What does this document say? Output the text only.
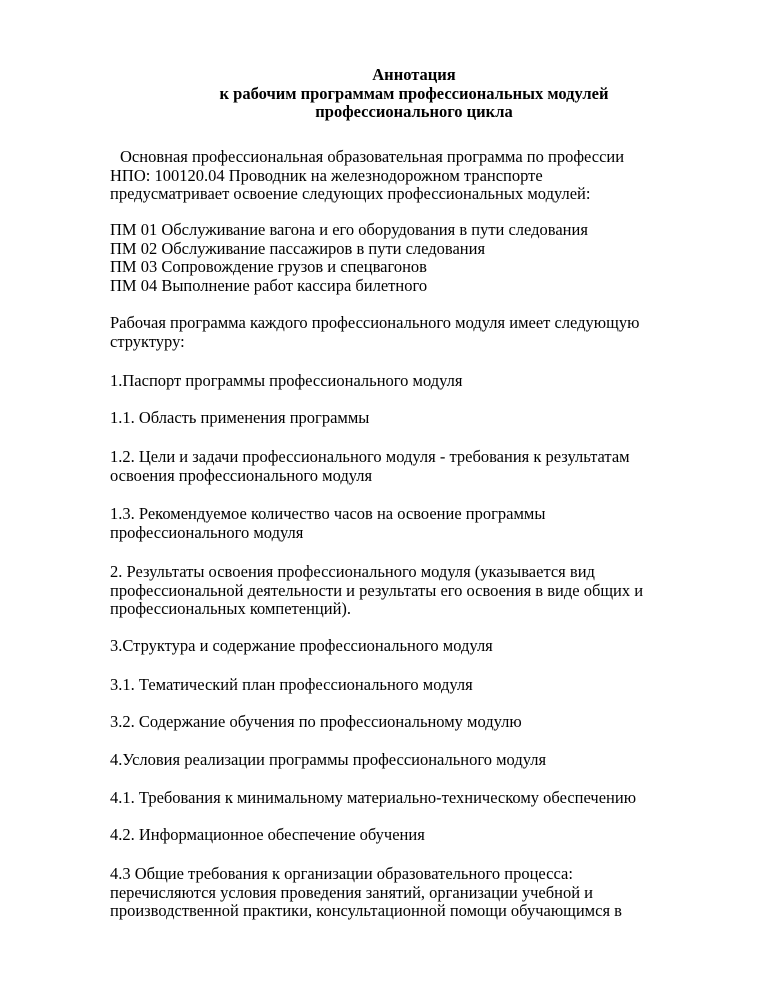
Аннотация
к рабочим программам профессиональных модулей
профессионального цикла
Основная профессиональная образовательная программа по профессии
НПО: 100120.04 Проводник на железнодорожном транспорте
предусматривает освоение следующих профессиональных модулей:
ПМ 01 Обслуживание вагона и его оборудования в пути следования
ПМ 02 Обслуживание пассажиров в пути следования
ПМ 03 Сопровождение грузов и спецвагонов
ПМ 04 Выполнение работ кассира билетного
Рабочая программа каждого профессионального модуля имеет следующую
структуру:
1.Паспорт программы профессионального модуля
1.1. Область применения программы
1.2. Цели и задачи профессионального модуля - требования к результатам
освоения профессионального модуля
1.3. Рекомендуемое количество часов на освоение программы
профессионального модуля
2. Результаты освоения профессионального модуля (указывается вид
профессиональной деятельности и результаты его освоения в виде общих и
профессиональных компетенций).
3.Структура и содержание профессионального модуля
3.1. Тематический план профессионального модуля
3.2. Содержание обучения по профессиональному модулю
4.Условия реализации программы профессионального модуля
4.1. Требования к минимальному материально-техническому обеспечению
4.2. Информационное обеспечение обучения
4.3 Общие требования к организации образовательного процесса:
перечисляются условия проведения занятий, организации учебной и
производственной практики, консультационной помощи обучающимся в
